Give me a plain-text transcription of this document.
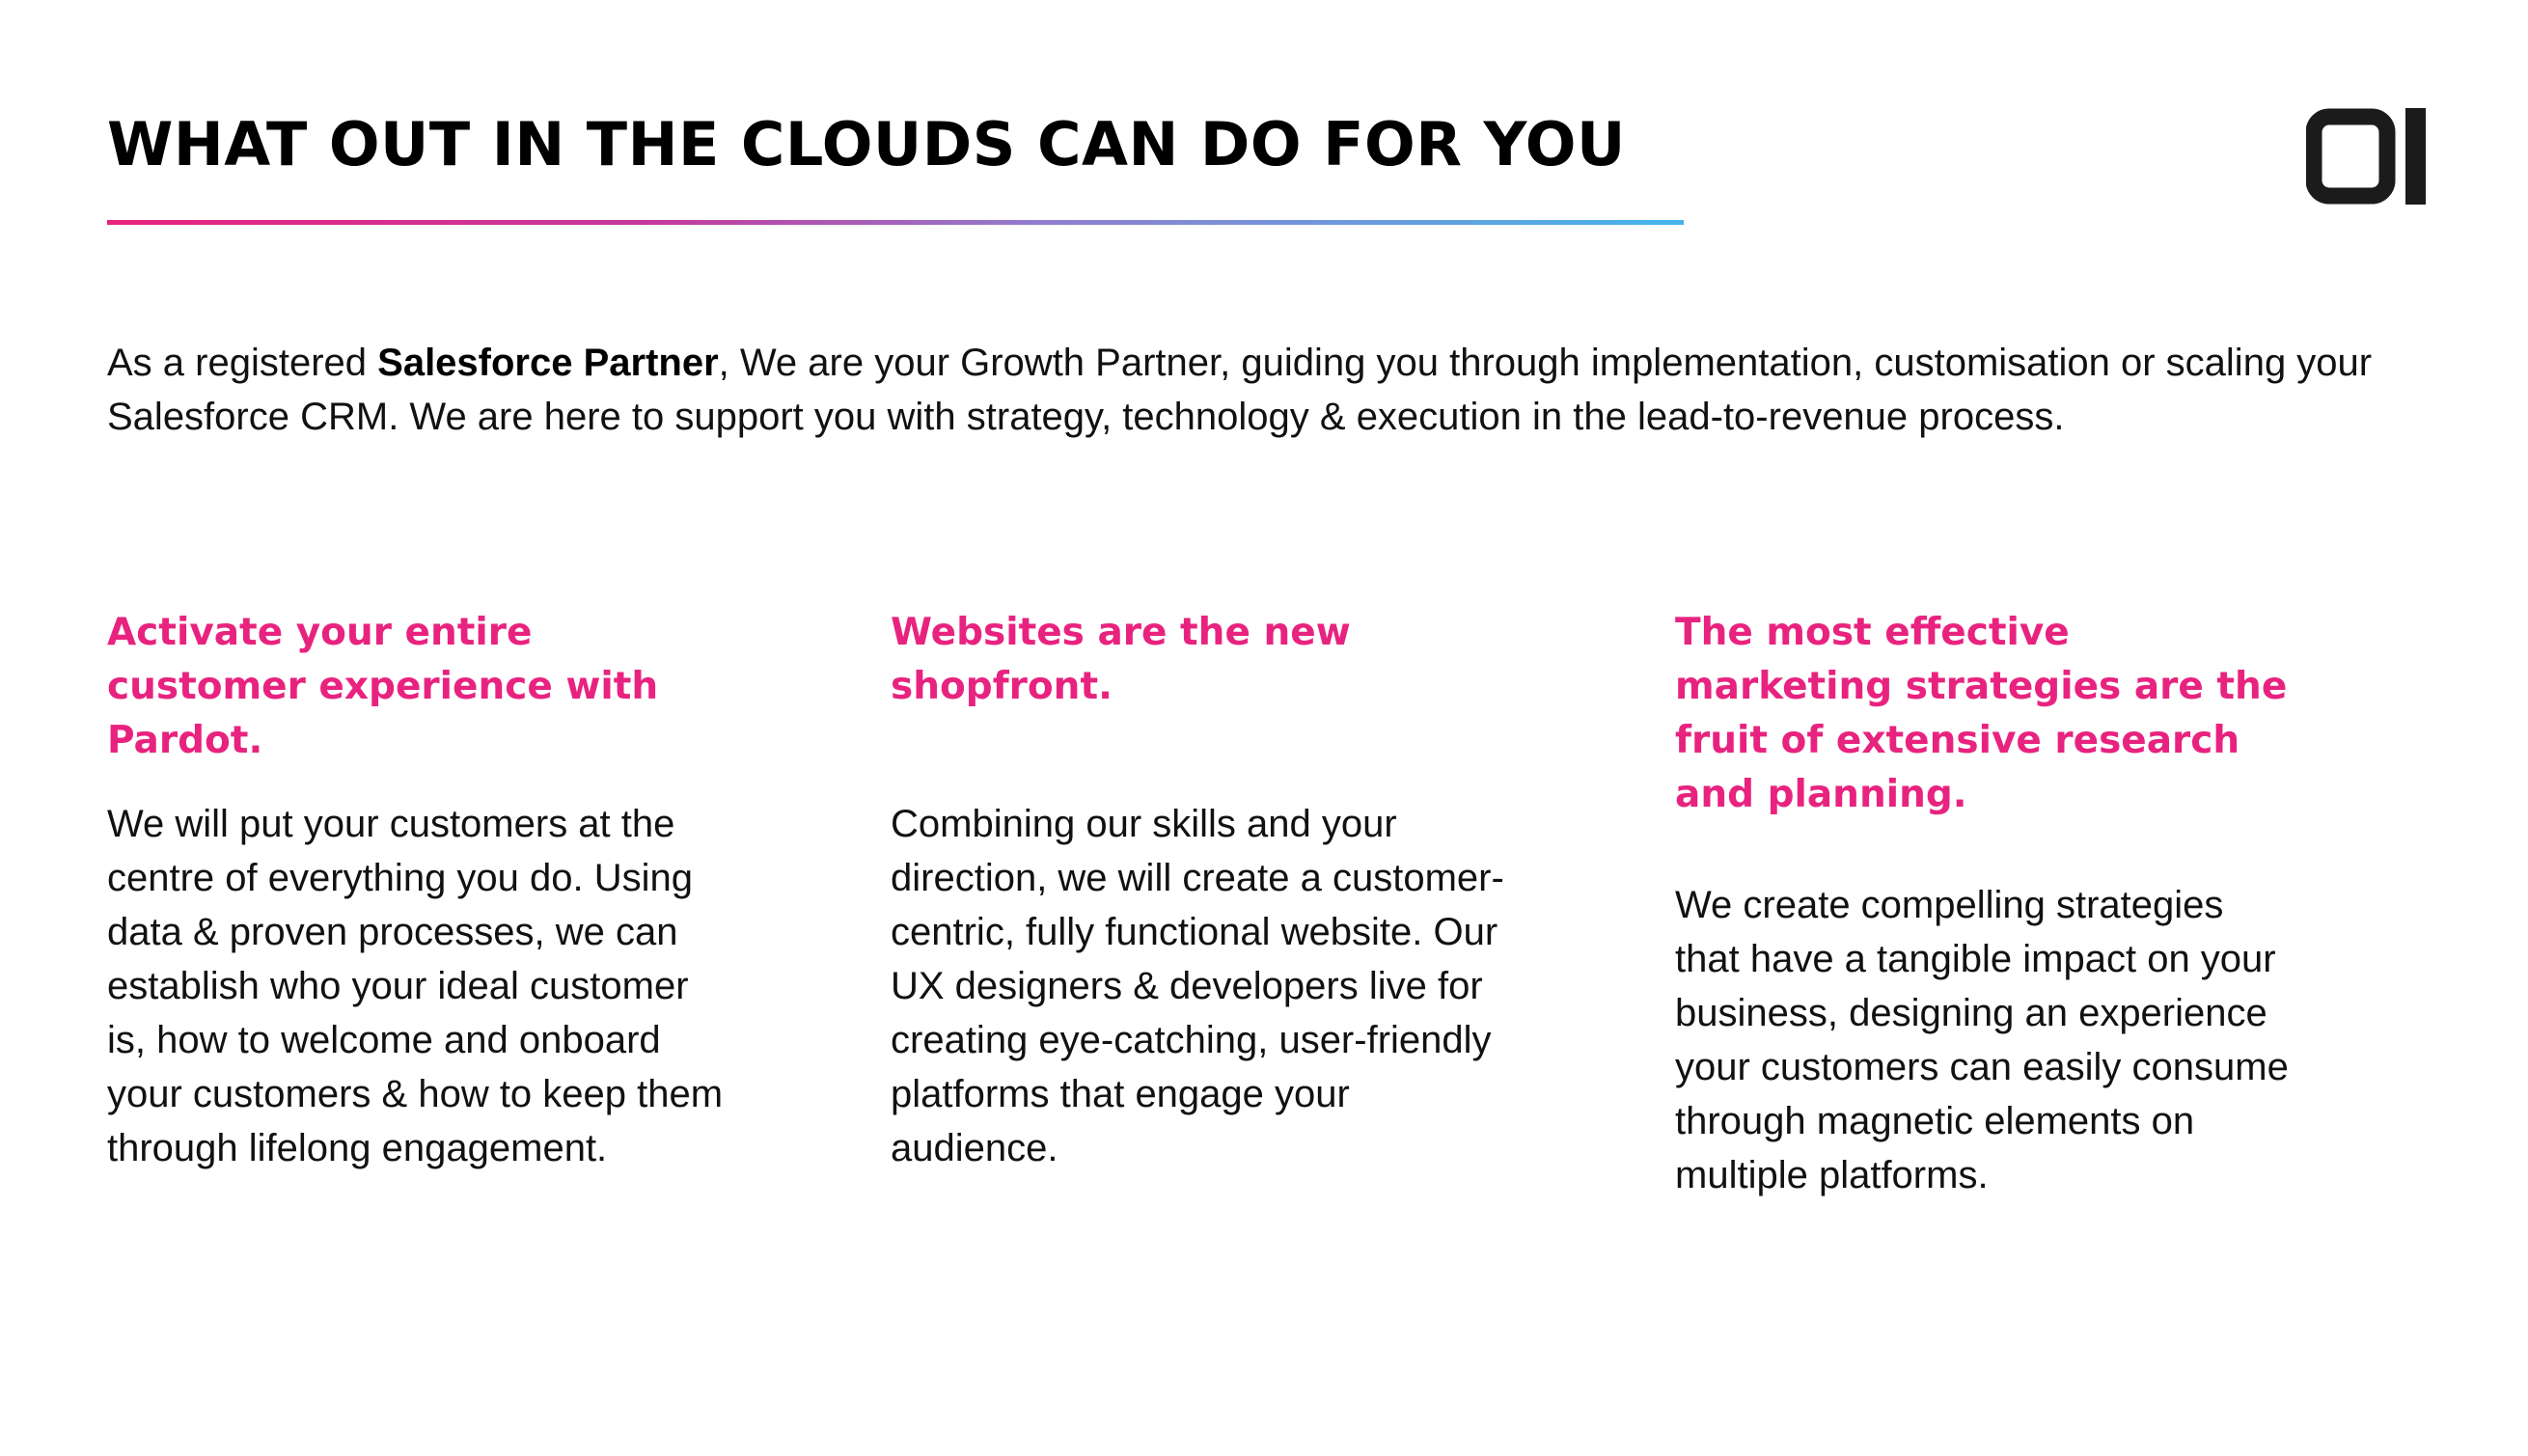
WHAT OUT IN THE CLOUDS CAN DO FOR YOU

As a registered Salesforce Partner, We are your Growth Partner, guiding you through implementation, customisation or scaling your Salesforce CRM. We are here to support you with strategy, technology & execution in the lead-to-revenue process.

Activate your entire customer experience with Pardot.

We will put your customers at the centre of everything you do. Using data & proven processes, we can establish who your ideal customer is, how to welcome and onboard your customers & how to keep them through lifelong engagement.

Websites are the new shopfront.

Combining our skills and your direction, we will create a customer-centric, fully functional website. Our UX designers & developers live for creating eye-catching, user-friendly platforms that engage your audience.

The most effective marketing strategies are the fruit of extensive research and planning.

We create compelling strategies that have a tangible impact on your business, designing an experience your customers can easily consume through magnetic elements on multiple platforms.
